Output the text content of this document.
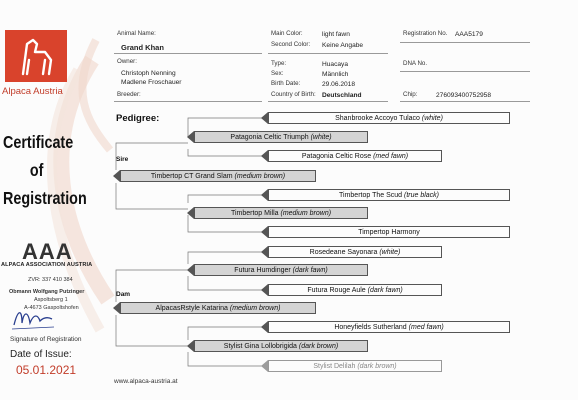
Alpaca Austria
Certificate
of
Registration
AAA
ALPACA ASSOCIATION AUSTRIA
ZVR: 337 410 384
Obmann Wolfgang Putzinger
Aspoltsberg 1
A-4673 Gaspoltshofen
Signature of Registration
Date of Issue:
05.01.2021
Animal Name:
Grand Khan
Owner:
Christoph Nenning
Madlene Froschauer
Breeder:
Main Color:	light fawn
Second Color: Keine Angabe
Type:	Huacaya
Sex:	Männlich
Birth Date:	29.06.2018
Country of Birth: Deutschland
Registration No. AAA5179
DNA No.
Chip:	276093400752958
Pedigree:
Sire
Dam
Shanbrooke Accoyo Tulaco (white)
Patagonia Celtic Rose (med fawn)
Timbertop The Scud (true black)
Timpertop Harmony
Rosedeane Sayonara (white)
Futura Rouge Aule (dark fawn)
Honeyfields Sutherland (med fawn)
Stylist Delilah (dark brown)
Patagonia Celtic Triumph (white)
Timbertop Milla (medium brown)
Futura Humdinger (dark fawn)
Stylist Gina Lollobrigida (dark brown)
Timbertop CT Grand Slam (medium brown)
AlpacasRstyle Katarina (medium brown)
www.alpaca-austria.at
